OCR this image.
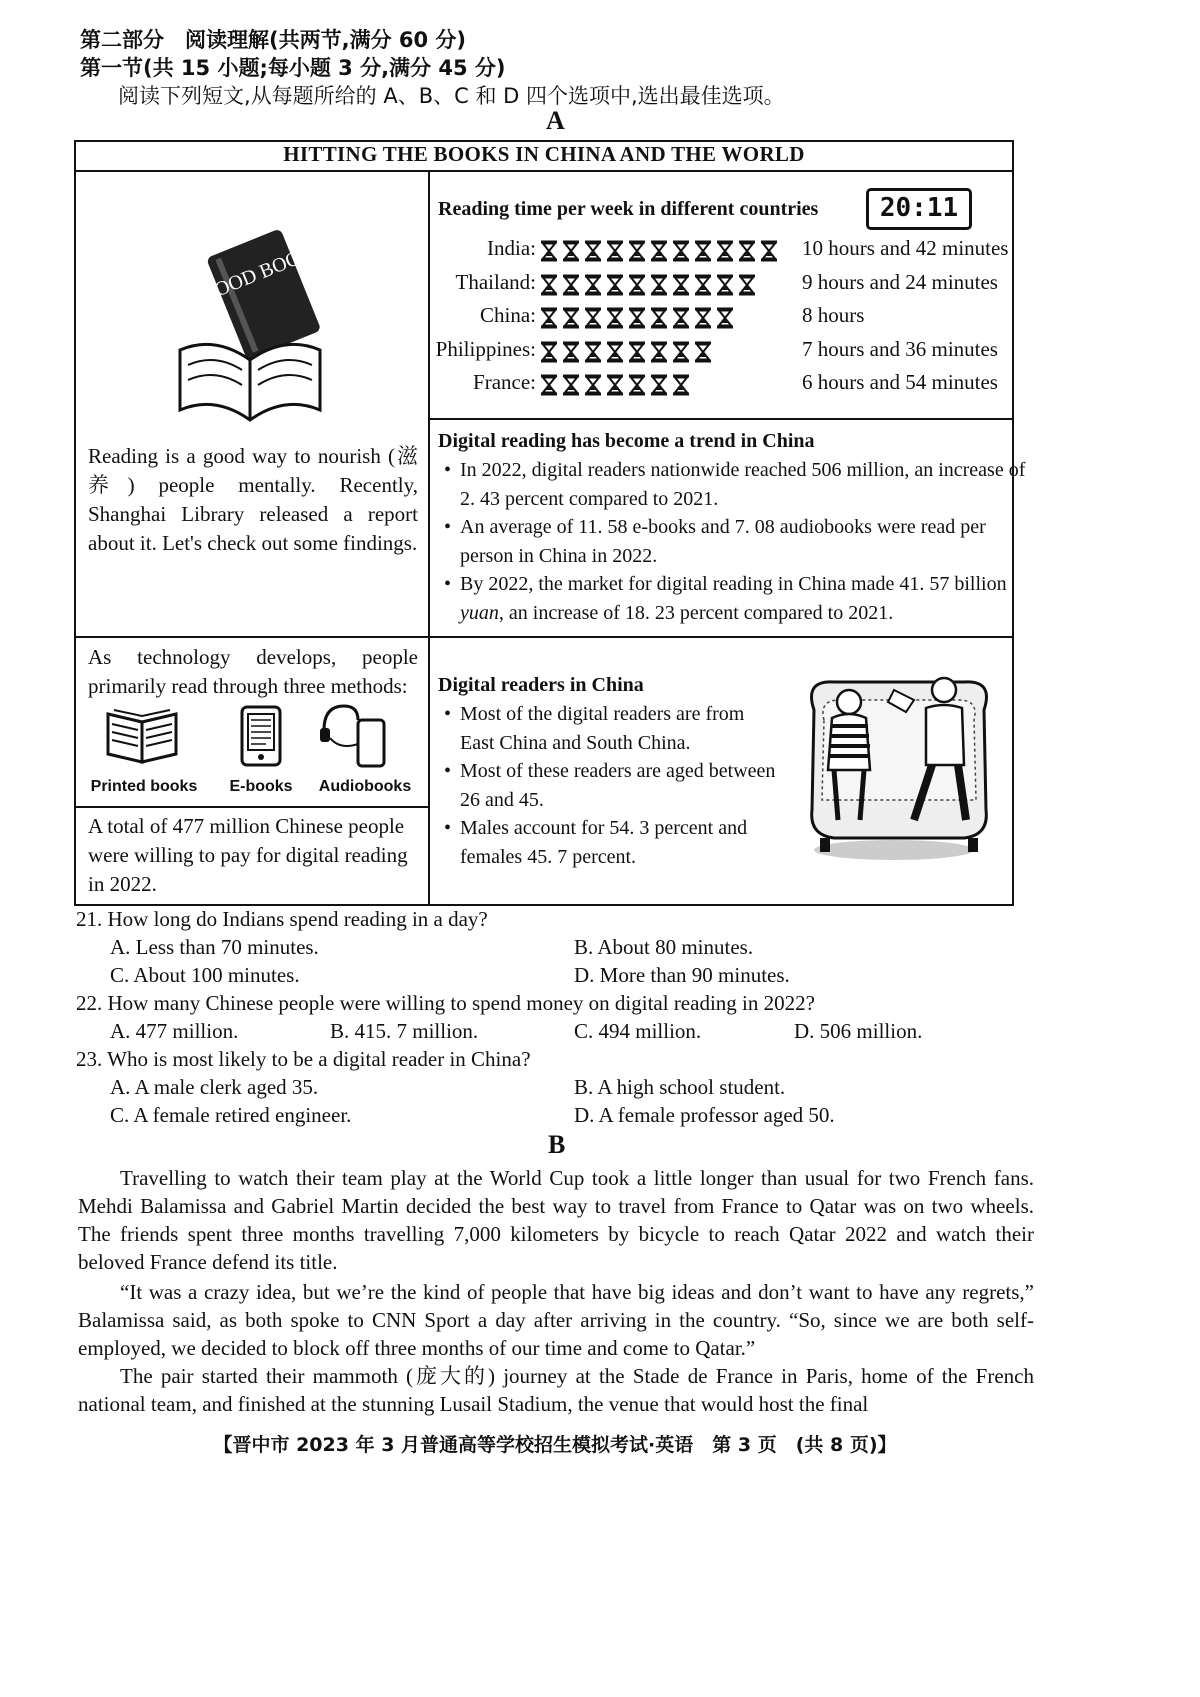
第二部分　阅读理解(共两节,满分 60 分)
第一节(共 15 小题;每小题 3 分,满分 45 分)
阅读下列短文,从每题所给的 A、B、C 和 D 四个选项中,选出最佳选项。
A
HITTING THE BOOKS IN CHINA AND THE WORLD
GOOD BOOK
Reading is a good way to nourish (滋养) people mentally. Recently, Shanghai Library released a report about it. Let's check out some findings.
Reading time per week in different countries	20:11
India:	10 hours and 42 minutes
Thailand:	9 hours and 24 minutes
China:	8 hours
Philippines:	7 hours and 36 minutes
France:	6 hours and 54 minutes
Digital reading has become a trend in China
• In 2022, digital readers nationwide reached 506 million, an increase of 2. 43 percent compared to 2021.
• An average of 11. 58 e-books and 7. 08 audiobooks were read per person in China in 2022.
• By 2022, the market for digital reading in China made 41. 57 billion yuan, an increase of 18. 23 percent compared to 2021.
As technology develops, people primarily read through three methods:
Printed books	E-books	Audiobooks
A total of 477 million Chinese people were willing to pay for digital reading in 2022.
Digital readers in China
• Most of the digital readers are from East China and South China.
• Most of these readers are aged between 26 and 45.
• Males account for 54. 3 percent and females 45. 7 percent.
21. How long do Indians spend reading in a day?
A. Less than 70 minutes.	B. About 80 minutes.
C. About 100 minutes.	D. More than 90 minutes.
22. How many Chinese people were willing to spend money on digital reading in 2022?
A. 477 million.	B. 415. 7 million.	C. 494 million.	D. 506 million.
23. Who is most likely to be a digital reader in China?
A. A male clerk aged 35.	B. A high school student.
C. A female retired engineer.	D. A female professor aged 50.
B
Travelling to watch their team play at the World Cup took a little longer than usual for two French fans. Mehdi Balamissa and Gabriel Martin decided the best way to travel from France to Qatar was on two wheels. The friends spent three months travelling 7,000 kilometers by bicycle to reach Qatar 2022 and watch their beloved France defend its title.
“It was a crazy idea, but we’re the kind of people that have big ideas and don’t want to have any regrets,” Balamissa said, as both spoke to CNN Sport a day after arriving in the country. “So, since we are both self-employed, we decided to block off three months of our time and come to Qatar.”
The pair started their mammoth (庞大的) journey at the Stade de France in Paris, home of the French national team, and finished at the stunning Lusail Stadium, the venue that would host the final
【晋中市 2023 年 3 月普通高等学校招生模拟考试·英语　第 3 页　(共 8 页)】
